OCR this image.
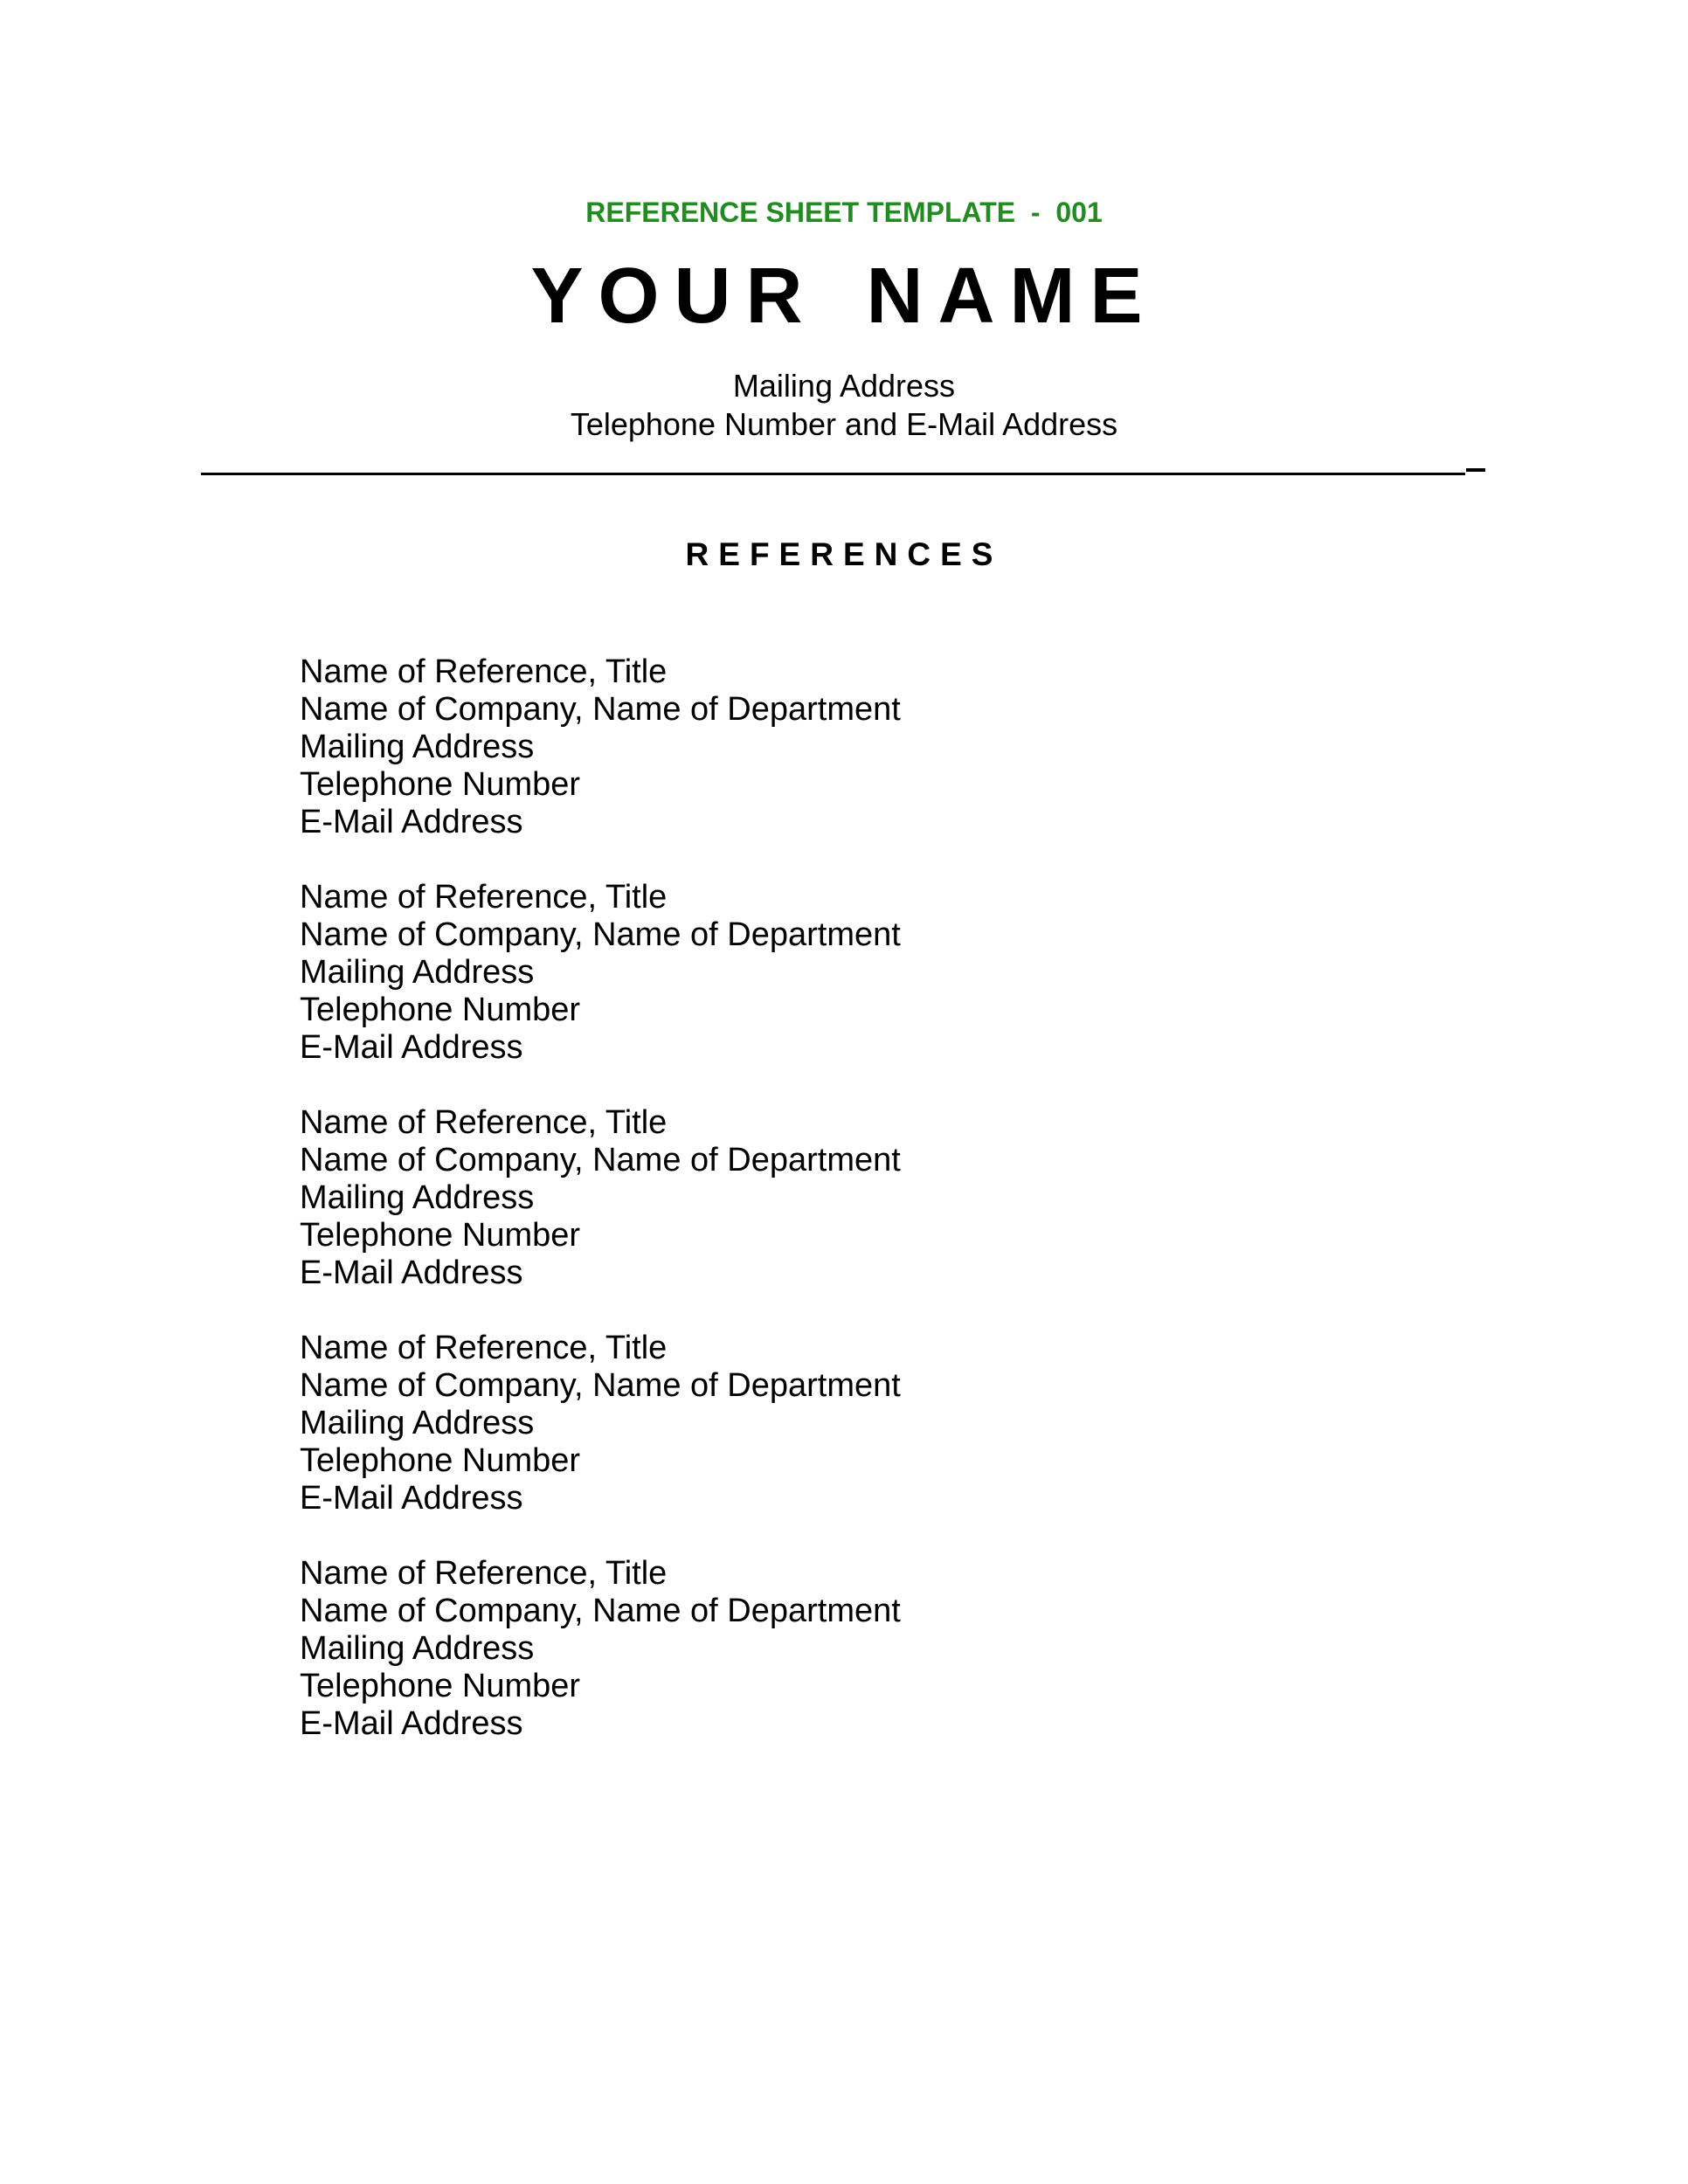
REFERENCE SHEET TEMPLATE  -  001
YOUR NAME
Mailing Address
Telephone Number and E-Mail Address
REFERENCES
Name of Reference, Title
Name of Company, Name of Department
Mailing Address
Telephone Number
E-Mail Address
Name of Reference, Title
Name of Company, Name of Department
Mailing Address
Telephone Number
E-Mail Address
Name of Reference, Title
Name of Company, Name of Department
Mailing Address
Telephone Number
E-Mail Address
Name of Reference, Title
Name of Company, Name of Department
Mailing Address
Telephone Number
E-Mail Address
Name of Reference, Title
Name of Company, Name of Department
Mailing Address
Telephone Number
E-Mail Address
